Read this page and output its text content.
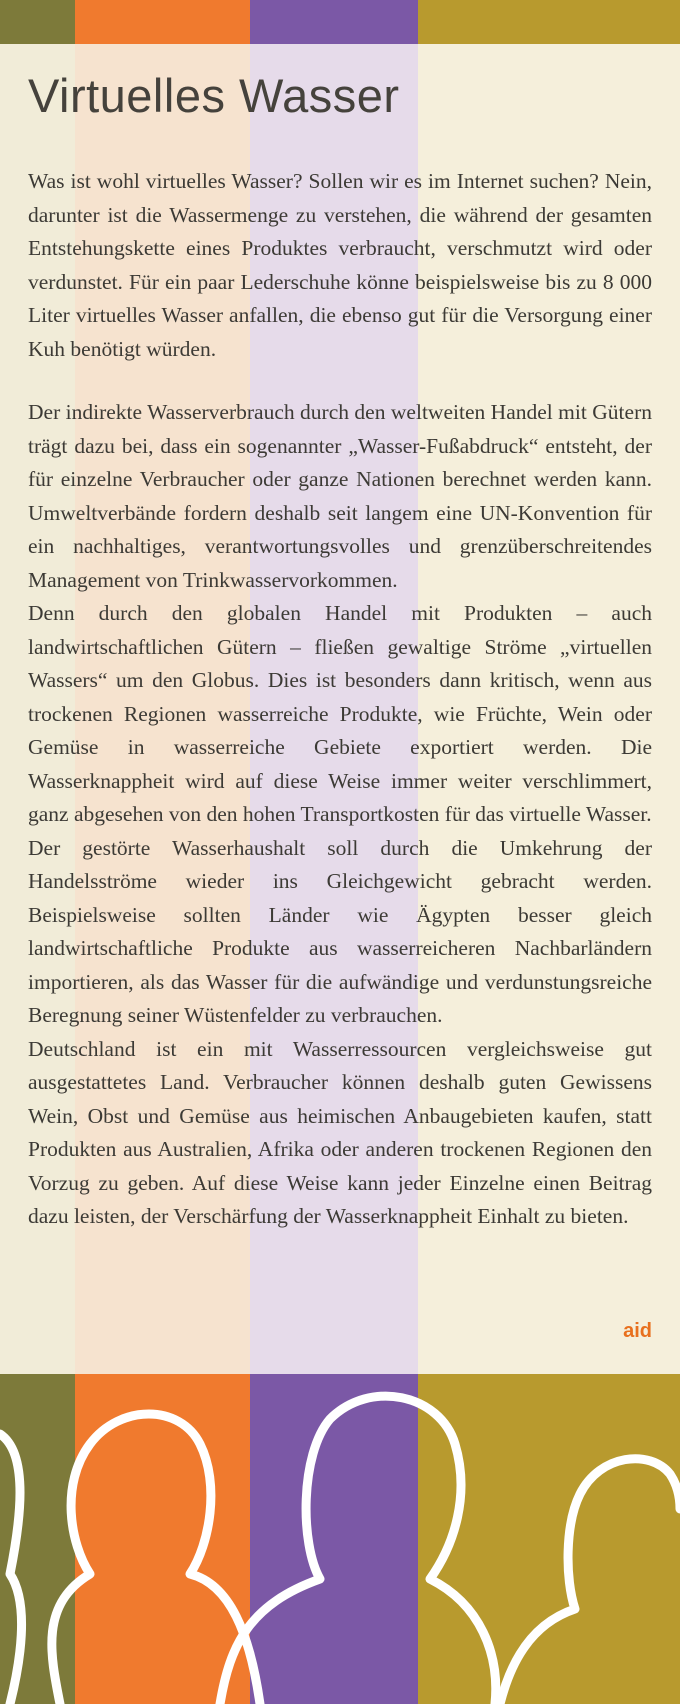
Virtuelles Wasser

Was ist wohl virtuelles Wasser? Sollen wir es im Internet suchen? Nein, darunter ist die Wassermenge zu verstehen, die während der gesamten Entstehungskette eines Produktes verbraucht, verschmutzt wird oder verdunstet. Für ein paar Lederschuhe könne beispielsweise bis zu 8 000 Liter virtuelles Wasser anfallen, die ebenso gut für die Versorgung einer Kuh benötigt würden.

Der indirekte Wasserverbrauch durch den weltweiten Handel mit Gütern trägt dazu bei, dass ein sogenannter „Wasser-Fußabdruck“ entsteht, der für einzelne Verbraucher oder ganze Nationen berechnet werden kann. Umweltverbände fordern deshalb seit langem eine UN-Konvention für ein nachhaltiges, verantwortungsvolles und grenzüberschreitendes Management von Trinkwasservorkommen.

Denn durch den globalen Handel mit Produkten – auch landwirtschaftlichen Gütern – fließen gewaltige Ströme „virtuellen Wassers“ um den Globus. Dies ist besonders dann kritisch, wenn aus trockenen Regionen wasserreiche Produkte, wie Früchte, Wein oder Gemüse in wasserreiche Gebiete exportiert werden. Die Wasserknappheit wird auf diese Weise immer weiter verschlimmert, ganz abgesehen von den hohen Transportkosten für das virtuelle Wasser.

Der gestörte Wasserhaushalt soll durch die Umkehrung der Handelsströme wieder ins Gleichgewicht gebracht werden. Beispielsweise sollten Länder wie Ägypten besser gleich landwirtschaftliche Produkte aus wasserreicheren Nachbarländern importieren, als das Wasser für die aufwändige und verdunstungsreiche Beregnung seiner Wüstenfelder zu verbrauchen.

Deutschland ist ein mit Wasserressourcen vergleichsweise gut ausgestattetes Land. Verbraucher können deshalb guten Gewissens Wein, Obst und Gemüse aus heimischen Anbaugebieten kaufen, statt Produkten aus Australien, Afrika oder anderen trockenen Regionen den Vorzug zu geben. Auf diese Weise kann jeder Einzelne einen Beitrag dazu leisten, der Verschärfung der Wasserknappheit Einhalt zu bieten.

aid
